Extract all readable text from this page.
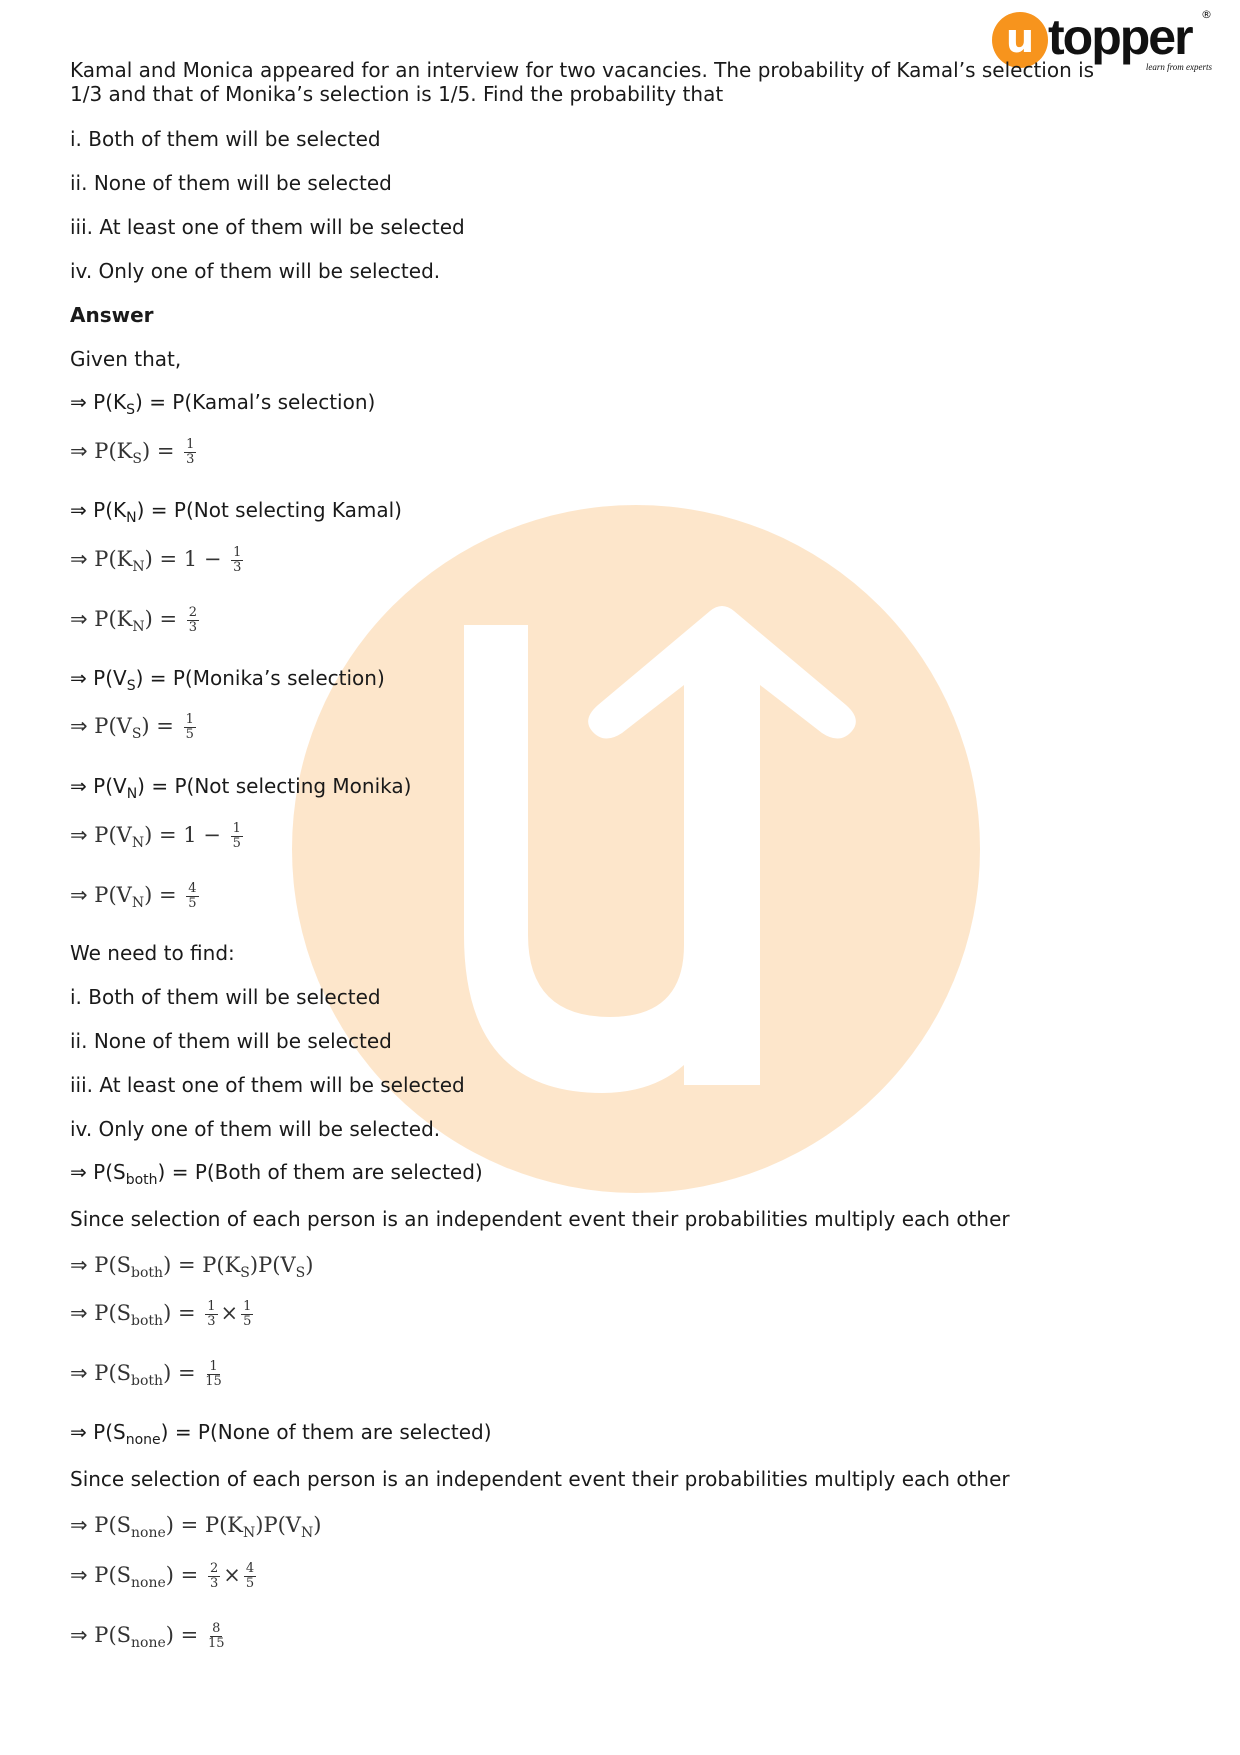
u topper ®
learn from experts
Kamal and Monica appeared for an interview for two vacancies. The probability of Kamal’s selection is 1/3 and that of Monika’s selection is 1/5. Find the probability that
i. Both of them will be selected
ii. None of them will be selected
iii. At least one of them will be selected
iv. Only one of them will be selected.
Answer
Given that,
⇒ $P(K_S)$ = P(Kamal’s selection)
⇒ $P(K_S) = \frac{1}{3}$
⇒ $P(K_N) = P(Not$ selecting Kamal)
⇒ $P(K_N) = 1 - \frac{1}{3}$
⇒ $P(K_N) = \frac{2}{3}$
⇒ $P(V_S)$ = P(Monika’s selection)
⇒ $P(V_S) = \frac{1}{5}$
⇒ $P(V_N) = P(Not$ selecting Monika)
⇒ $P(V_N) = 1 - \frac{1}{5}$
⇒ $P(V_N) = \frac{4}{5}$
We need to find:
i. Both of them will be selected
ii. None of them will be selected
iii. At least one of them will be selected
iv. Only one of them will be selected.
⇒ $P(S_{both})$ = P(Both of them are selected)
Since selection of each person is an independent event their probabilities multiply each other
⇒ $P(S_{both}) = P(K_S)P(V_S)$
⇒ $P(S_{both}) = \frac{1}{3} \times \frac{1}{5}$
⇒ $P(S_{both}) = \frac{1}{15}$
⇒ $P(S_{none})$ = P(None of them are selected)
Since selection of each person is an independent event their probabilities multiply each other
⇒ $P(S_{none}) = P(K_N)P(V_N)$
⇒ $P(S_{none}) = \frac{2}{3} \times \frac{4}{5}$
⇒ $P(S_{none}) = \frac{8}{15}$
